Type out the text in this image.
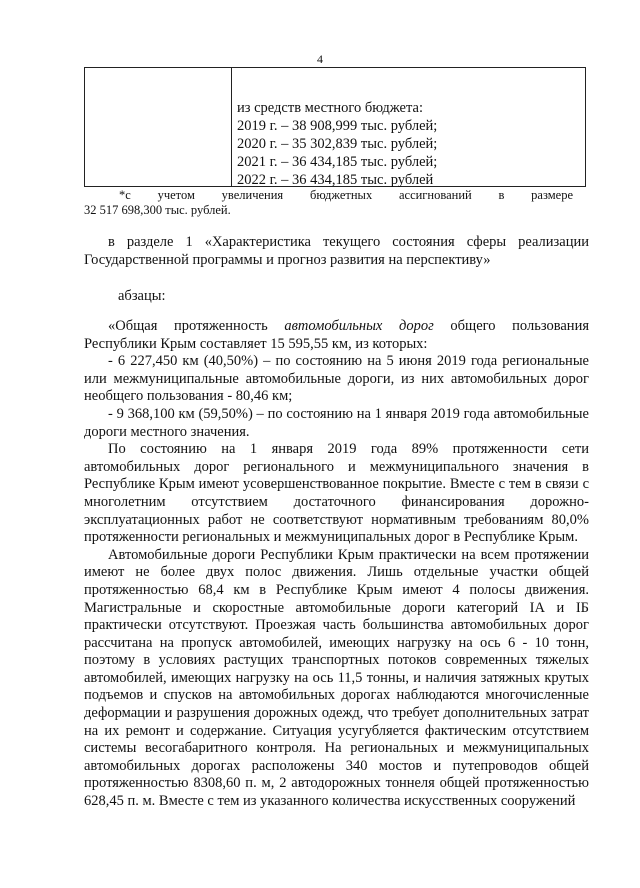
4
из средств местного бюджета:
2019 г. – 38 908,999 тыс. рублей;
2020 г. – 35 302,839 тыс. рублей;
2021 г. – 36 434,185 тыс. рублей;
2022 г. – 36 434,185 тыс. рублей
*с учетом увеличения бюджетных ассигнований в размере
32 517 698,300 тыс. рублей.

в разделе 1 «Характеристика текущего состояния сферы реализации Государственной программы и прогноз развития на перспективу»

абзацы:

«Общая протяженность автомобильных дорог общего пользования Республики Крым составляет 15 595,55 км, из которых:

- 6 227,450 км (40,50%) – по состоянию на 5 июня 2019 года региональные или межмуниципальные автомобильные дороги, из них автомобильных дорог необщего пользования - 80,46 км;

- 9 368,100 км (59,50%) – по состоянию на 1 января 2019 года автомобильные дороги местного значения.

По состоянию на 1 января 2019 года 89% протяженности сети автомобильных дорог регионального и межмуниципального значения в Республике Крым имеют усовершенствованное покрытие. Вместе с тем в связи с многолетним отсутствием достаточного финансирования дорожно-эксплуатационных работ не соответствуют нормативным требованиям 80,0% протяженности региональных и межмуниципальных дорог в Республике Крым.

Автомобильные дороги Республики Крым практически на всем протяжении имеют не более двух полос движения. Лишь отдельные участки общей протяженностью 68,4 км в Республике Крым имеют 4 полосы движения. Магистральные и скоростные автомобильные дороги категорий IА и IБ практически отсутствуют. Проезжая часть большинства автомобильных дорог рассчитана на пропуск автомобилей, имеющих нагрузку на ось 6 - 10 тонн, поэтому в условиях растущих транспортных потоков современных тяжелых автомобилей, имеющих нагрузку на ось 11,5 тонны, и наличия затяжных крутых подъемов и спусков на автомобильных дорогах наблюдаются многочисленные деформации и разрушения дорожных одежд, что требует дополнительных затрат на их ремонт и содержание. Ситуация усугубляется фактическим отсутствием системы весогабаритного контроля. На региональных и межмуниципальных автомобильных дорогах расположены 340 мостов и путепроводов общей протяженностью 8308,60 п. м, 2 автодорожных тоннеля общей протяженностью 628,45 п. м. Вместе с тем из указанного количества искусственных сооружений
